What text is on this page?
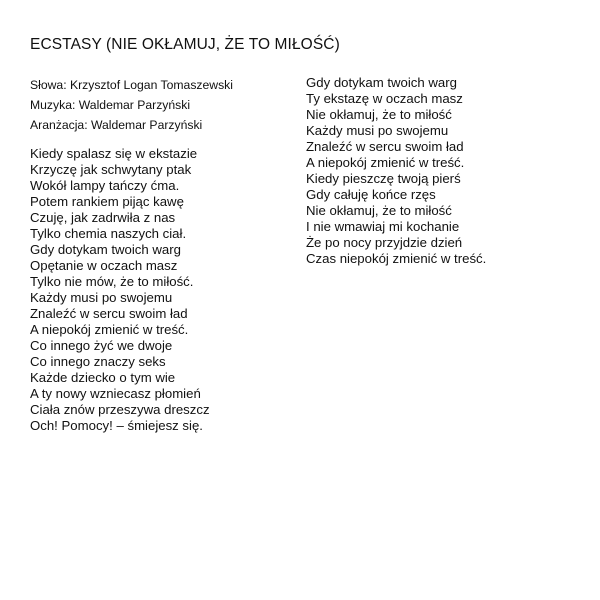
ECSTASY (NIE OKŁAMUJ, ŻE TO MIŁOŚĆ)
Słowa: Krzysztof Logan Tomaszewski
Muzyka: Waldemar Parzyński
Aranżacja: Waldemar Parzyński
Kiedy spalasz się w ekstazie
Krzyczę jak schwytany ptak
Wokół lampy tańczy ćma.
Potem rankiem pijąc kawę
Czuję, jak zadrwiła z nas
Tylko chemia naszych ciał.
Gdy dotykam twoich warg
Opętanie w oczach masz
Tylko nie mów, że to miłość.
Każdy musi po swojemu
Znaleźć w sercu swoim ład
A niepokój zmienić w treść.
Co innego żyć we dwoje
Co innego znaczy seks
Każde dziecko o tym wie
A ty nowy wzniecasz płomień
Ciała znów przeszywa dreszcz
Och! Pomocy! – śmiejesz się.
Gdy dotykam twoich warg
Ty ekstazę w oczach masz
Nie okłamuj, że to miłość
Każdy musi po swojemu
Znaleźć w sercu swoim ład
A niepokój zmienić w treść.
Kiedy pieszczę twoją pierś
Gdy całuję końce rzęs
Nie okłamuj, że to miłość
I nie wmawiaj mi kochanie
Że po nocy przyjdzie dzień
Czas niepokój zmienić w treść.
